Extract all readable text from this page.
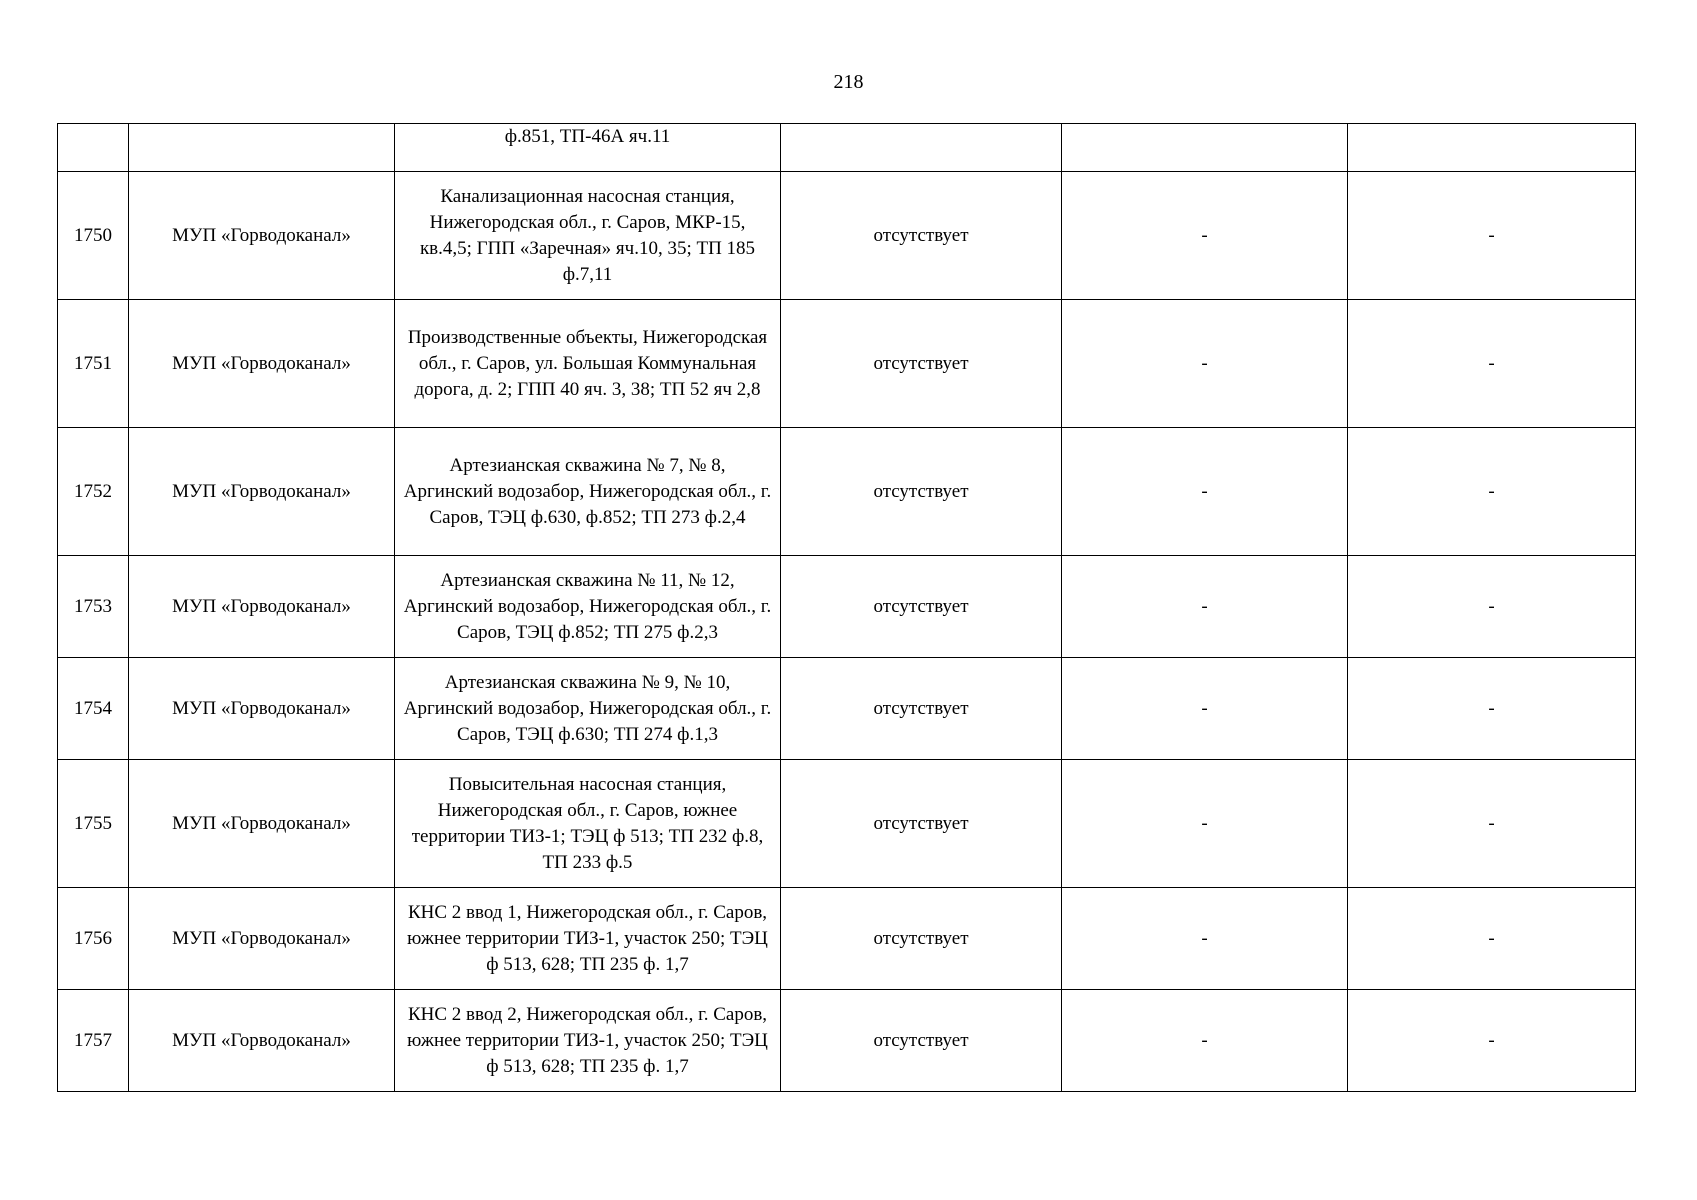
218
		ф.851, ТП-46А яч.11			
1750	МУП «Горводоканал»	Канализационная насосная станция, Нижегородская обл., г. Саров, МКР-15, кв.4,5; ГПП «Заречная» яч.10, 35; ТП 185 ф.7,11	отсутствует	-	-
1751	МУП «Горводоканал»	Производственные объекты, Нижегородская обл., г. Саров, ул. Большая Коммунальная дорога, д. 2; ГПП 40 яч. 3, 38; ТП 52 яч 2,8	отсутствует	-	-
1752	МУП «Горводоканал»	Артезианская скважина № 7, № 8, Аргинский водозабор, Нижегородская обл., г. Саров, ТЭЦ ф.630, ф.852; ТП 273 ф.2,4	отсутствует	-	-
1753	МУП «Горводоканал»	Артезианская скважина № 11, № 12, Аргинский водозабор, Нижегородская обл., г. Саров, ТЭЦ ф.852; ТП 275 ф.2,3	отсутствует	-	-
1754	МУП «Горводоканал»	Артезианская скважина № 9, № 10, Аргинский водозабор, Нижегородская обл., г. Саров, ТЭЦ ф.630; ТП 274 ф.1,3	отсутствует	-	-
1755	МУП «Горводоканал»	Повысительная насосная станция, Нижегородская обл., г. Саров, южнее территории ТИЗ-1; ТЭЦ ф 513; ТП 232 ф.8, ТП 233 ф.5	отсутствует	-	-
1756	МУП «Горводоканал»	КНС 2 ввод 1, Нижегородская обл., г. Саров, южнее территории ТИЗ-1, участок 250; ТЭЦ ф 513, 628; ТП 235 ф. 1,7	отсутствует	-	-
1757	МУП «Горводоканал»	КНС 2 ввод 2, Нижегородская обл., г. Саров, южнее территории ТИЗ-1, участок 250; ТЭЦ ф 513, 628; ТП 235 ф. 1,7	отсутствует	-	-
